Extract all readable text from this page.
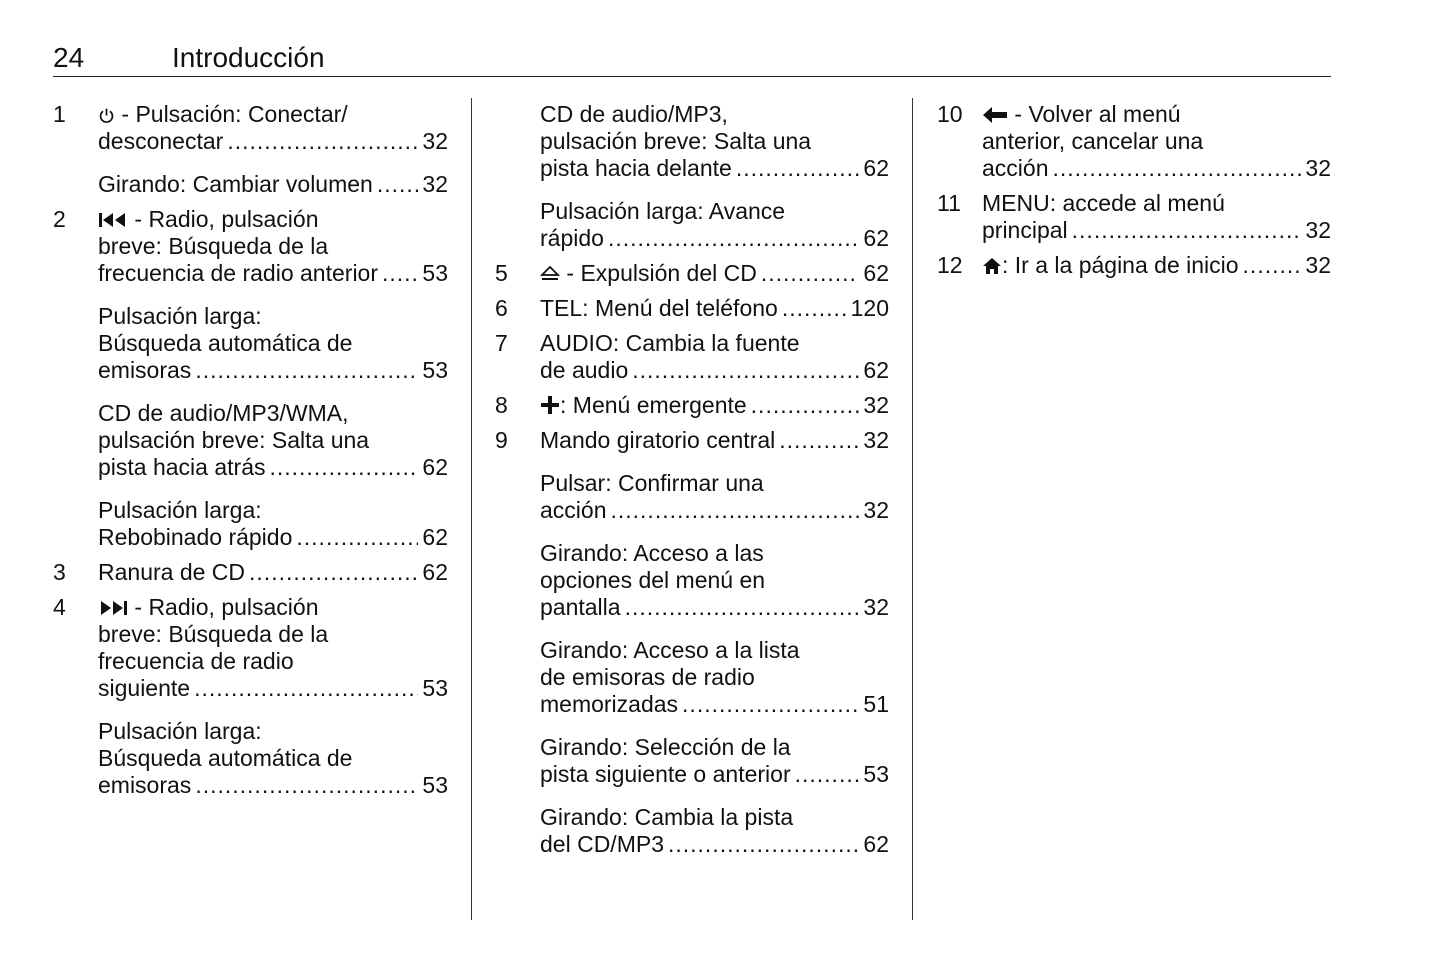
24	Introducción
1	- Pulsación: Conectar/
desconectar .....	32
Girando: Cambiar volumen ..... 32
2	- Radio, pulsación
breve: Búsqueda de la
frecuencia de radio anterior ..... 53
Pulsación larga:
Búsqueda automática de
emisoras .....	53
CD de audio/MP3/WMA,
pulsación breve: Salta una
pista hacia atrás .....	62
Pulsación larga:
Rebobinado rápido .....	62
3 Ranura de CD .....	62
4	- Radio, pulsación
breve: Búsqueda de la
frecuencia de radio
siguiente .....	53
Pulsación larga:
Búsqueda automática de
emisoras .....	53
CD de audio/MP3,
pulsación breve: Salta una
pista hacia delante .....	62
Pulsación larga: Avance
rápido .....	62
5	- Expulsión del CD .....	62
6 TEL: Menú del teléfono .....	120
7 AUDIO: Cambia la fuente
de audio .....	62
8	: Menú emergente .....	32
9 Mando giratorio central .....	32
Pulsar: Confirmar una
acción .....	32
Girando: Acceso a las
opciones del menú en
pantalla .....	32
Girando: Acceso a la lista
de emisoras de radio
memorizadas .....	51
Girando: Selección de la
pista siguiente o anterior .....	53
Girando: Cambia la pista
del CD/MP3 .....	62
10	- Volver al menú
anterior, cancelar una
acción .....	32
11 MENU: accede al menú
principal .....	32
12	: Ir a la página de inicio .....	32
